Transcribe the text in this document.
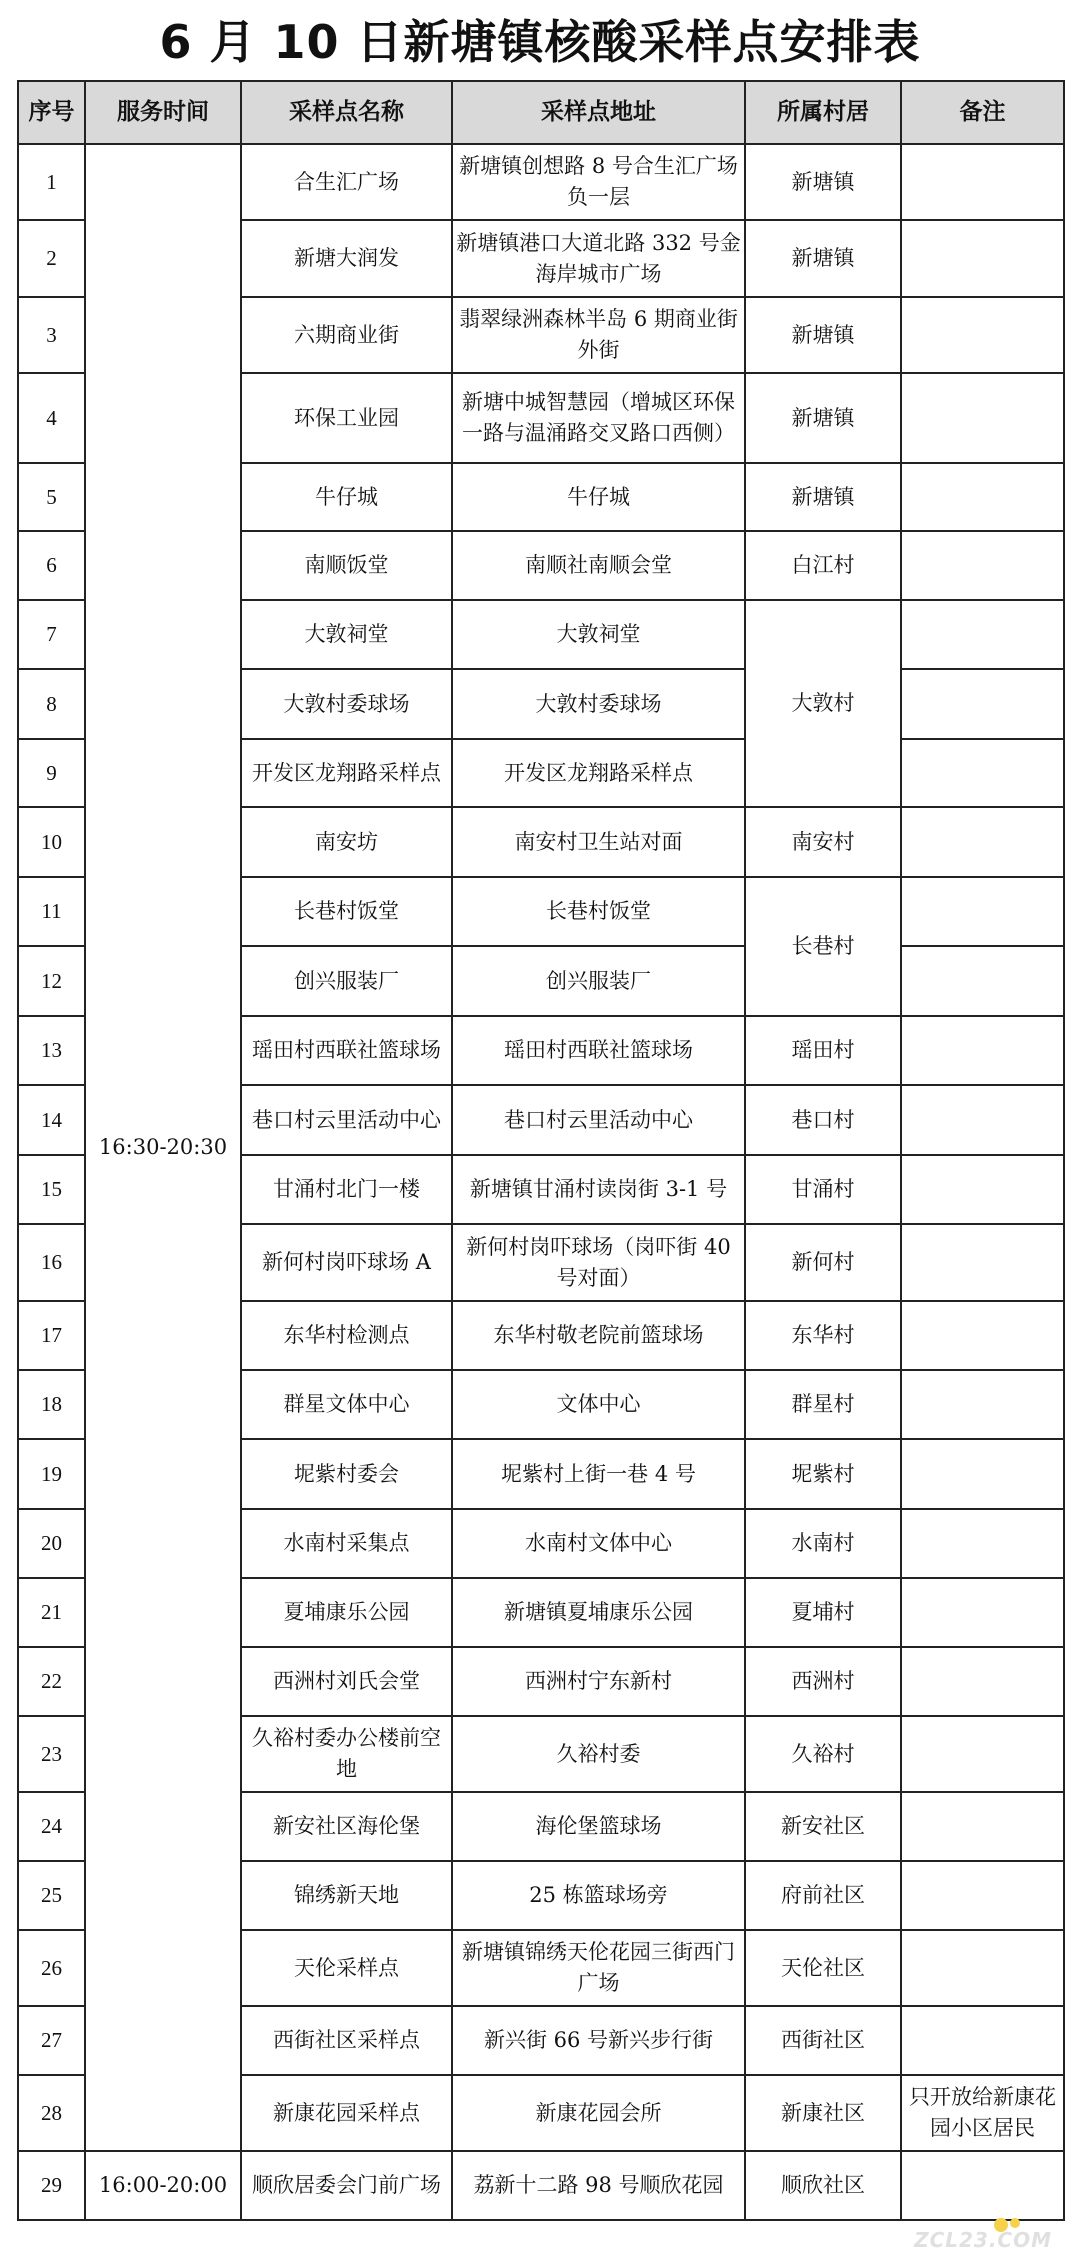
6 月 10 日新塘镇核酸采样点安排表
序号	服务时间	采样点名称	采样点地址	所属村居	备注
1	16:30-20:30	合生汇广场	新塘镇创想路 8 号合生汇广场负一层	新塘镇	
2		新塘大润发	新塘镇港口大道北路 332 号金海岸城市广场	新塘镇	
3		六期商业街	翡翠绿洲森林半岛 6 期商业街外街	新塘镇	
4		环保工业园	新塘中城智慧园（增城区环保一路与温涌路交叉路口西侧）	新塘镇	
5		牛仔城	牛仔城	新塘镇	
6		南顺饭堂	南顺社南顺会堂	白江村	
7		大敦祠堂	大敦祠堂	大敦村	
8		大敦村委球场	大敦村委球场		
9		开发区龙翔路采样点	开发区龙翔路采样点		
10		南安坊	南安村卫生站对面	南安村	
11		长巷村饭堂	长巷村饭堂	长巷村	
12		创兴服装厂	创兴服装厂		
13		瑶田村西联社篮球场	瑶田村西联社篮球场	瑶田村	
14		巷口村云里活动中心	巷口村云里活动中心	巷口村	
15		甘涌村北门一楼	新塘镇甘涌村读岗街 3-1 号	甘涌村	
16		新何村岗吓球场 A	新何村岗吓球场（岗吓街 40 号对面）	新何村	
17		东华村检测点	东华村敬老院前篮球场	东华村	
18		群星文体中心	文体中心	群星村	
19		坭紫村委会	坭紫村上街一巷 4 号	坭紫村	
20		水南村采集点	水南村文体中心	水南村	
21		夏埔康乐公园	新塘镇夏埔康乐公园	夏埔村	
22		西洲村刘氏会堂	西洲村宁东新村	西洲村	
23		久裕村委办公楼前空地	久裕村委	久裕村	
24		新安社区海伦堡	海伦堡篮球场	新安社区	
25		锦绣新天地	25 栋篮球场旁	府前社区	
26		天伦采样点	新塘镇锦绣天伦花园三街西门广场	天伦社区	
27		西街社区采样点	新兴街 66 号新兴步行街	西街社区	
28		新康花园采样点	新康花园会所	新康社区	只开放给新康花园小区居民
29	16:00-20:00	顺欣居委会门前广场	荔新十二路 98 号顺欣花园	顺欣社区	
ZCL23.COM
